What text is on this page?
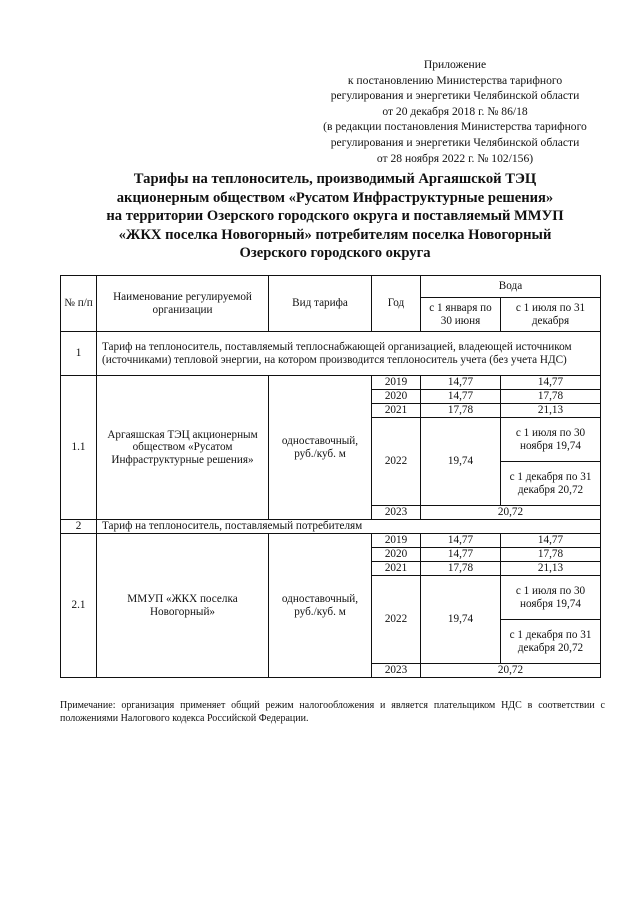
Приложение
к постановлению Министерства тарифного
регулирования и энергетики Челябинской области
от 20 декабря 2018 г. № 86/18
(в редакции постановления Министерства тарифного
регулирования и энергетики Челябинской области
от 28 ноября 2022 г. № 102/156)
Тарифы на теплоноситель, производимый Аргаяшской ТЭЦ
акционерным обществом «Русатом Инфраструктурные решения»
на территории Озерского городского округа и поставляемый ММУП
«ЖКХ поселка Новогорный» потребителям поселка Новогорный
Озерского городского округа
№ п/п	Наименование регулируемой организации	Вид тарифа	Год	Вода	
				с 1 января по 30 июня	с 1 июля по 31 декабря
1	Тариф на теплоноситель, поставляемый теплоснабжающей организацией, владеющей источником (источниками) тепловой энергии, на котором производится теплоноситель учета (без учета НДС)				
1.1	Аргаяшская ТЭЦ акционерным обществом «Русатом Инфраструктурные решения»	одноставочный, руб./куб. м	2019	14,77	14,77
			2020	14,77	17,78
			2021	17,78	21,13
			2022	19,74	с 1 июля по 30 ноября 19,74
					с 1 декабря по 31 декабря 20,72
			2023	20,72	
2	Тариф на теплоноситель, поставляемый потребителям				
2.1	ММУП «ЖКХ поселка Новогорный»	одноставочный, руб./куб. м	2019	14,77	14,77
			2020	14,77	17,78
			2021	17,78	21,13
			2022	19,74	с 1 июля по 30 ноября 19,74
					с 1 декабря по 31 декабря 20,72
			2023	20,72	
Примечание: организация применяет общий режим налогообложения и является плательщиком НДС в соответствии с положениями Налогового кодекса Российской Федерации.
